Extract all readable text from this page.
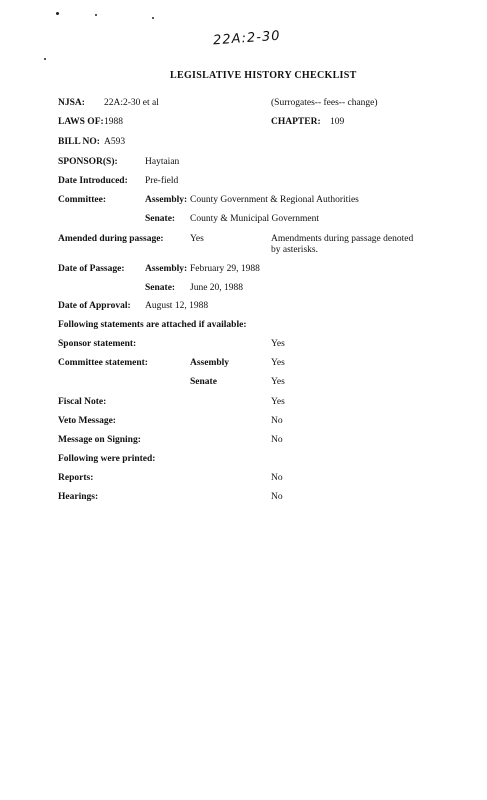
22A:2-30
LEGISLATIVE HISTORY CHECKLIST
NJSA: 22A:2-30 et al	(Surrogates-- fees-- change)
LAWS OF: 1988	CHAPTER: 109
BILL NO: A593
SPONSOR(S):	Haytaian
Date Introduced: Pre-field
Committee:	Assembly: County Government & Regional Authorities
Senate: County & Municipal Government
Amended during passage:	Yes	Amendments during passage denoted
by asterisks.
Date of Passage: Assembly: February 29, 1988
Senate: June 20, 1988
Date of Approval: August 12, 1988
Following statements are attached if available:
Sponsor statement:	Yes
Committee statement:	Assembly	Yes
Senate	Yes
Fiscal Note:	Yes
Veto Message:	No
Message on Signing:	No
Following were printed:
Reports:	No
Hearings:	No
